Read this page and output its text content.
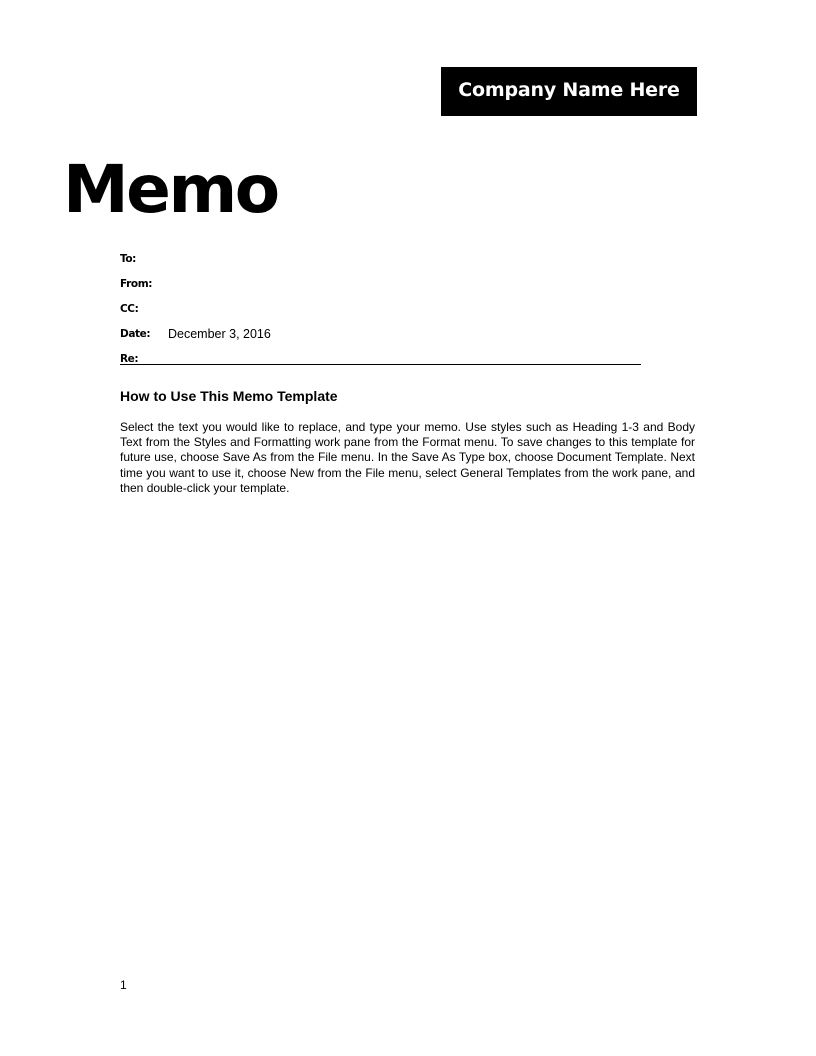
Company Name Here
Memo
To:
From:
CC:
Date:	December 3, 2016
Re:
How to Use This Memo Template

Select the text you would like to replace, and type your memo. Use styles such as Heading 1-3 and Body Text from the Styles and Formatting work pane from the Format menu. To save changes to this template for future use, choose Save As from the File menu. In the Save As Type box, choose Document Template. Next time you want to use it, choose New from the File menu, select General Templates from the work pane, and then double-click your template.

1
